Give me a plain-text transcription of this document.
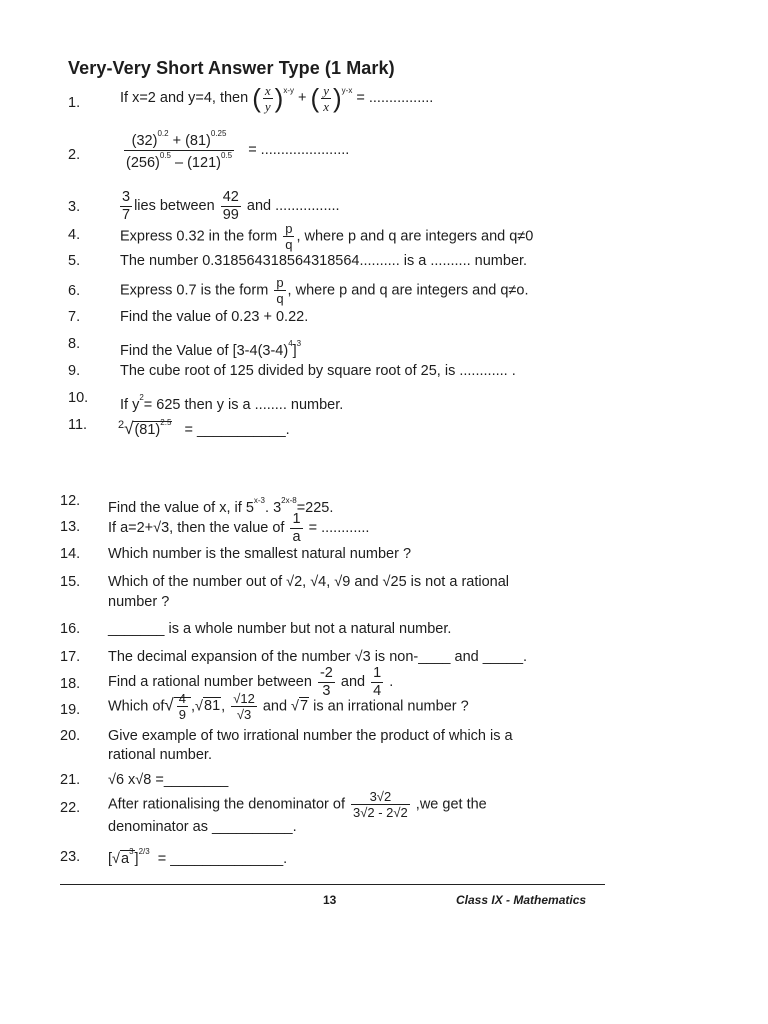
Very-Very Short Answer Type (1 Mark)
1.	If x=2 and y=4, then ( $\frac{x}{y} )^{x-y}$ + ( $\frac{y}{x} )^{y-x}$ = ................
2.	$\frac{(32)^{0.2} + (81)^{0.25}}{(256)^{0.5} - (121)^{0.5}}$ = ......................
3.	$\frac{3}{7}$ lies between $\frac{42}{99}$ and ................
4.	Express 0.32 in the form $\frac{p}{q}$ , where p and q are integers and q≠0
5.	The number 0.318564318564318564.......... is a .......... number.
6.	Express 0.7 is the form $\frac{p}{q}$ , where p and q are integers and q≠o.
7.	Find the value of 0.23 + 0.22.
8.	Find the Value of $[3-4(3-4)^4]^3$
9.	The cube root of 125 divided by square root of 25, is ............ .
10. If $y^2= 625$ then y is a ........ number.
11.	$^2√(81)^{2.5}$ = ___________.
12. Find the value of x, if 5$^{x-3}$. $3^{2x-8}=225$.
13. If a=2+√3, then the value of $\frac{1}{a}$ = ............
14. Which number is the smallest natural number ?
15. Which of the number out of √2, √4, √9 and √25 is not a rational
number ?
16. _______ is a whole number but not a natural number.
17. The decimal expansion of the number √3 is non-____ and _____.
18. Find a rational number between $\frac{-2}{3}$ and $\frac{1}{4}$ .
19. Which $of√ \frac{4}{9} ,√81$, $\frac{√12}{√3}$ and √7 is an irrational number ?
20. Give example of two irrational number the product of which is a
rational number.
21. √6 x√8 =________
22. After rationalising the denominator of $\frac{3√2}{3√2 - 2√2} ,we$ get the
denominator as __________.
23. $[√a^3]^{2/3}$ = ______________.
13	Class IX - Mathematics
